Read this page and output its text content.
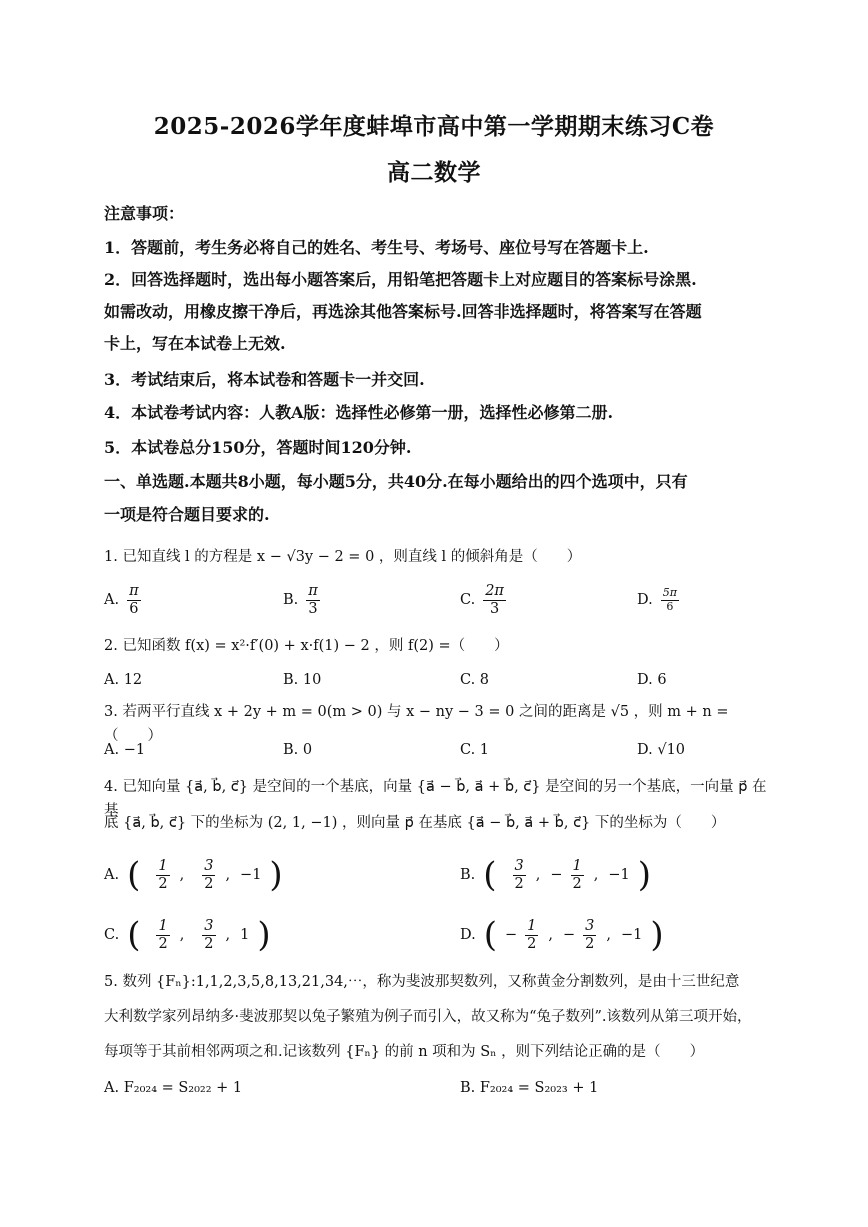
2025-2026学年度蚌埠市高中第一学期期末练习C卷
高二数学
注意事项：
1．答题前，考生务必将自己的姓名、考生号、考场号、座位号写在答题卡上.
2．回答选择题时，选出每小题答案后，用铅笔把答题卡上对应题目的答案标号涂黑.
如需改动，用橡皮擦干净后，再选涂其他答案标号.回答非选择题时，将答案写在答题
卡上，写在本试卷上无效.
3．考试结束后，将本试卷和答题卡一并交回.
4．本试卷考试内容：人教A版：选择性必修第一册，选择性必修第二册.
5．本试卷总分150分，答题时间120分钟.
一、单选题.本题共8小题，每小题5分，共40分.在每小题给出的四个选项中，只有
一项是符合题目要求的.
1. 已知直线 l 的方程是 x − √3y − 2 = 0 ，则直线 l 的倾斜角是（　　）
A. $\frac{\pi}{6}$	B. $\frac{\pi}{3}$	C. $\frac{2\pi}{3}$	D. $\frac{5\pi}{6}$
2. 已知函数 f(x) = x²·f′(0) + x·f(1) − 2 ，则 f(2) =（　　）
A. 12	B. 10	C. 8	D. 6
3. 若两平行直线 x + 2y + m = 0(m > 0) 与 x − ny − 3 = 0 之间的距离是 √5 ，则 m + n =（　　）
A. −1	B. 0	C. 1	D. √10
4. 已知向量 {a⃗, b⃗, c⃗} 是空间的一个基底，向量 {a⃗ − b⃗, a⃗ + b⃗, c⃗} 是空间的另一个基底，一向量 p⃗ 在基
底 {a⃗, b⃗, c⃗} 下的坐标为 (2, 1, −1) ，则向量 p⃗ 在基底 {a⃗ − b⃗, a⃗ + b⃗, c⃗} 下的坐标为（　　）
A. ( $\frac{1}{2}$ , $\frac{3}{2}$ , −1 )	B. ( $\frac{3}{2}$ , − $\frac{1}{2}$ , −1 )
C. ( $\frac{1}{2}$ , $\frac{3}{2}$ , 1 )	D. ( − $\frac{1}{2}$ , − $\frac{3}{2}$ , −1 )
5. 数列 {Fₙ}:1,1,2,3,5,8,13,21,34,⋯，称为斐波那契数列，又称黄金分割数列，是由十三世纪意
大利数学家列昂纳多·斐波那契以兔子繁殖为例子而引入，故又称为“兔子数列”.该数列从第三项开始，
每项等于其前相邻两项之和.记该数列 {Fₙ} 的前 n 项和为 Sₙ ，则下列结论正确的是（　　）
A. F₂₀₂₄ = S₂₀₂₂ + 1	B. F₂₀₂₄ = S₂₀₂₃ + 1
